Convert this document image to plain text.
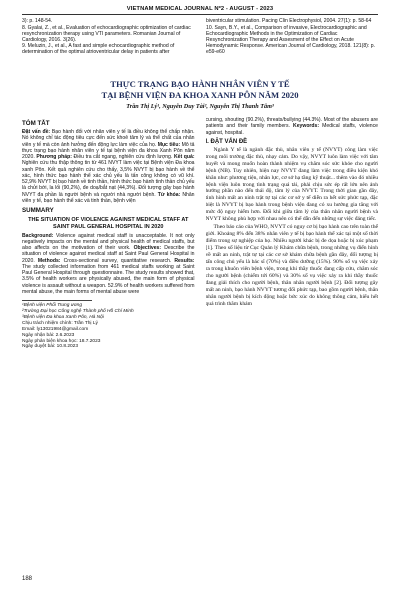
VIETNAM MEDICAL JOURNAL Nº2 - AUGUST - 2023

3): p. 148-54.

8. Gyalai, Z., et al., Evaluation of echocardiographic optimization of cardiac resynchronization therapy using VTI parameters. Romanian Journal of Cardiology, 2016. 3(26).

9. Meluzin, J., et al., A fast and simple echocardiographic method of determination of the optimal atrioventricular delay in patients after

biventricular stimulation. Pacing Clin Electrophysiol, 2004. 27(1): p. 58-64

10. Sayn, B.Y., et al., Comparison of invasive, Electrocardiographic and Echocardiographic Methods in the Optimization of Cardiac Resynchronization Therapy and Assesment of the Effect on Acute Hemodynamic Response. American Journal of Cardiology, 2018. 121(8): p. e59-e60

THỰC TRẠNG BẠO HÀNH NHÂN VIÊN Y TẾ
TẠI BỆNH VIỆN ĐA KHOA XANH PÔN NĂM 2020
Trần Thị Lý¹, Nguyễn Duy Tài², Nguyễn Thị Thanh Tâm³
TÓM TẮT

Đặt vấn đề: Bạo hành đối với nhân viên y tế là điều không thể chấp nhận. Nó không chỉ tác động tiêu cực đến sức khoẻ tâm lý và thể chất của nhân viên y tế mà còn ảnh hưởng đến động lực làm việc của họ. Mục tiêu: Mô tả thực trạng bạo hành nhân viên y tế tại bệnh viện đa khoa Xanh Pôn năm 2020. Phương pháp: Điều tra cắt ngang, nghiên cứu định lượng. Kết quả: Nghiên cứu thu thập thông tin từ 461 NVYT làm việc tại Bệnh viện Đa khoa xanh Pôn. Kết quả nghiên cứu cho thấy, 3,5% NVYT bị bạo hành về thể xác, hình thức bạo hành thể xác chủ yếu là tấn công không có vũ khí. 52,9% NVYT bị bạo hành về tinh thần, hình thức bạo hành tinh thần chủ yếu là chửi bới, la lối (90,2%), đe doạ/bắt nạt (44,3%). Đối tượng gây bạo hành NVYT đa phần là người bệnh và người nhà người bệnh. Từ khóa: Nhân viên y tế, bạo hành thể xác và tinh thần, bệnh viện

SUMMARY
THE SITUATION OF VIOLENCE AGAINST MEDICAL STAFF AT SAINT PAUL GENERAL HOSPITAL IN 2020

Background: Violence against medical staff is unacceptable. It not only negatively impacts on the mental and physical health of medical staffs, but also affects on the motivation of their work. Objectives: Describe the situation of violence against medical staff at Saint Paul General Hospital in 2020. Methods: Cross-sectional survey, quantitative research. Results: The study collected information from 461 medical staffs working at Saint Paul General Hospital through questionnaire. The study results showed that, 3.5% of health workers are physically abused, the main form of physical violence is assault without a weapon. 52.9% of health workers suffered from mental abuse, the main forms of mental abuse were

¹Bệnh viện Phổi Trung ương
²Trường Đại học Công nghệ Thành phố Hồ Chí Minh
³Bệnh viện Đa khoa Xanh Pôn, Hà Nội
Chịu trách nhiệm chính: Trần Thị Lý
Email: ly13021984@gmail.com
Ngày nhận bài: 2.6.2023
Ngày phản biện khoa học: 18.7.2023
Ngày duyệt bài: 10.8.2023

cursing, shouting (90.2%), threats/bullying (44.3%). Most of the abusers are patients and their family members. Keywords: Medical staffs, violence against, hospital.

I. ĐẶT VẤN ĐỀ

Ngành Y tế là ngành đặc thù, nhân viên y tế (NVYT) công làm việc trong môi trường đặc thù, nhạy cảm. Do vậy, NVYT luôn làm việc với tâm huyết và mong muốn hoàn thành nhiệm vụ chăm sóc sức khỏe cho người bệnh (NB). Tuy nhiên, hiện nay NVYT đang làm việc trong điều kiện khó khăn như: phương tiện, nhân lực, cơ sở hạ tầng kỹ thuật... thêm vào đó nhiều bệnh viện luôn trong tình trạng quá tải, phải chịu sức ép rất lớn nên ảnh hưởng phần nào đến thái độ, tâm lý của NVYT. Trong thời gian gần đây, tình hình mất an ninh trật tự tại các cơ sở y tế diễn ra hết sức phức tạp, đặc biệt là NVYT bị bạo hành trong bệnh viện đang có xu hướng gia tăng với mức độ nguy hiểm hơn. Đối khi giữa tâm lý của thân nhân người bệnh và NVYT không phù hợp với nhau nên có thể dẫn đến những sự việc đáng tiếc.

Theo báo cáo của WHO, NVYT có nguy cơ bị bạo hành cao trên toàn thế giới. Khoảng 8% đến 38% nhân viên y tế bị bạo hành thể xác tại một số thời điểm trong sự nghiệp của họ. Nhiều người khác bị đe dọa hoặc bị xúc phạm [1]. Theo số liệu từ Cục Quản lý Khám chữa bệnh, trong những vụ điển hình về mất an ninh, trật tự tại các cơ sở khám chữa bệnh gần đây, đối tượng bị tấn công chủ yếu là bác sĩ (70%) và điều dưỡng (15%). 90% số vụ việc xảy ra trong khuôn viên bệnh viện, trong khi thầy thuốc đang cấp cứu, chăm sóc cho người bệnh (chiếm tới 60%) và 30% số vụ việc xảy ra khi thầy thuốc đang giải thích cho người bệnh, thân nhân người bệnh [2]. Đối tượng gây mất an ninh, bạo hành NVYT tương đối phức tạp, bao gồm người bệnh, thân nhân người bệnh bị kích động hoặc bức xúc do không thông cảm, hiểu hết quá trình thăm khám

188
